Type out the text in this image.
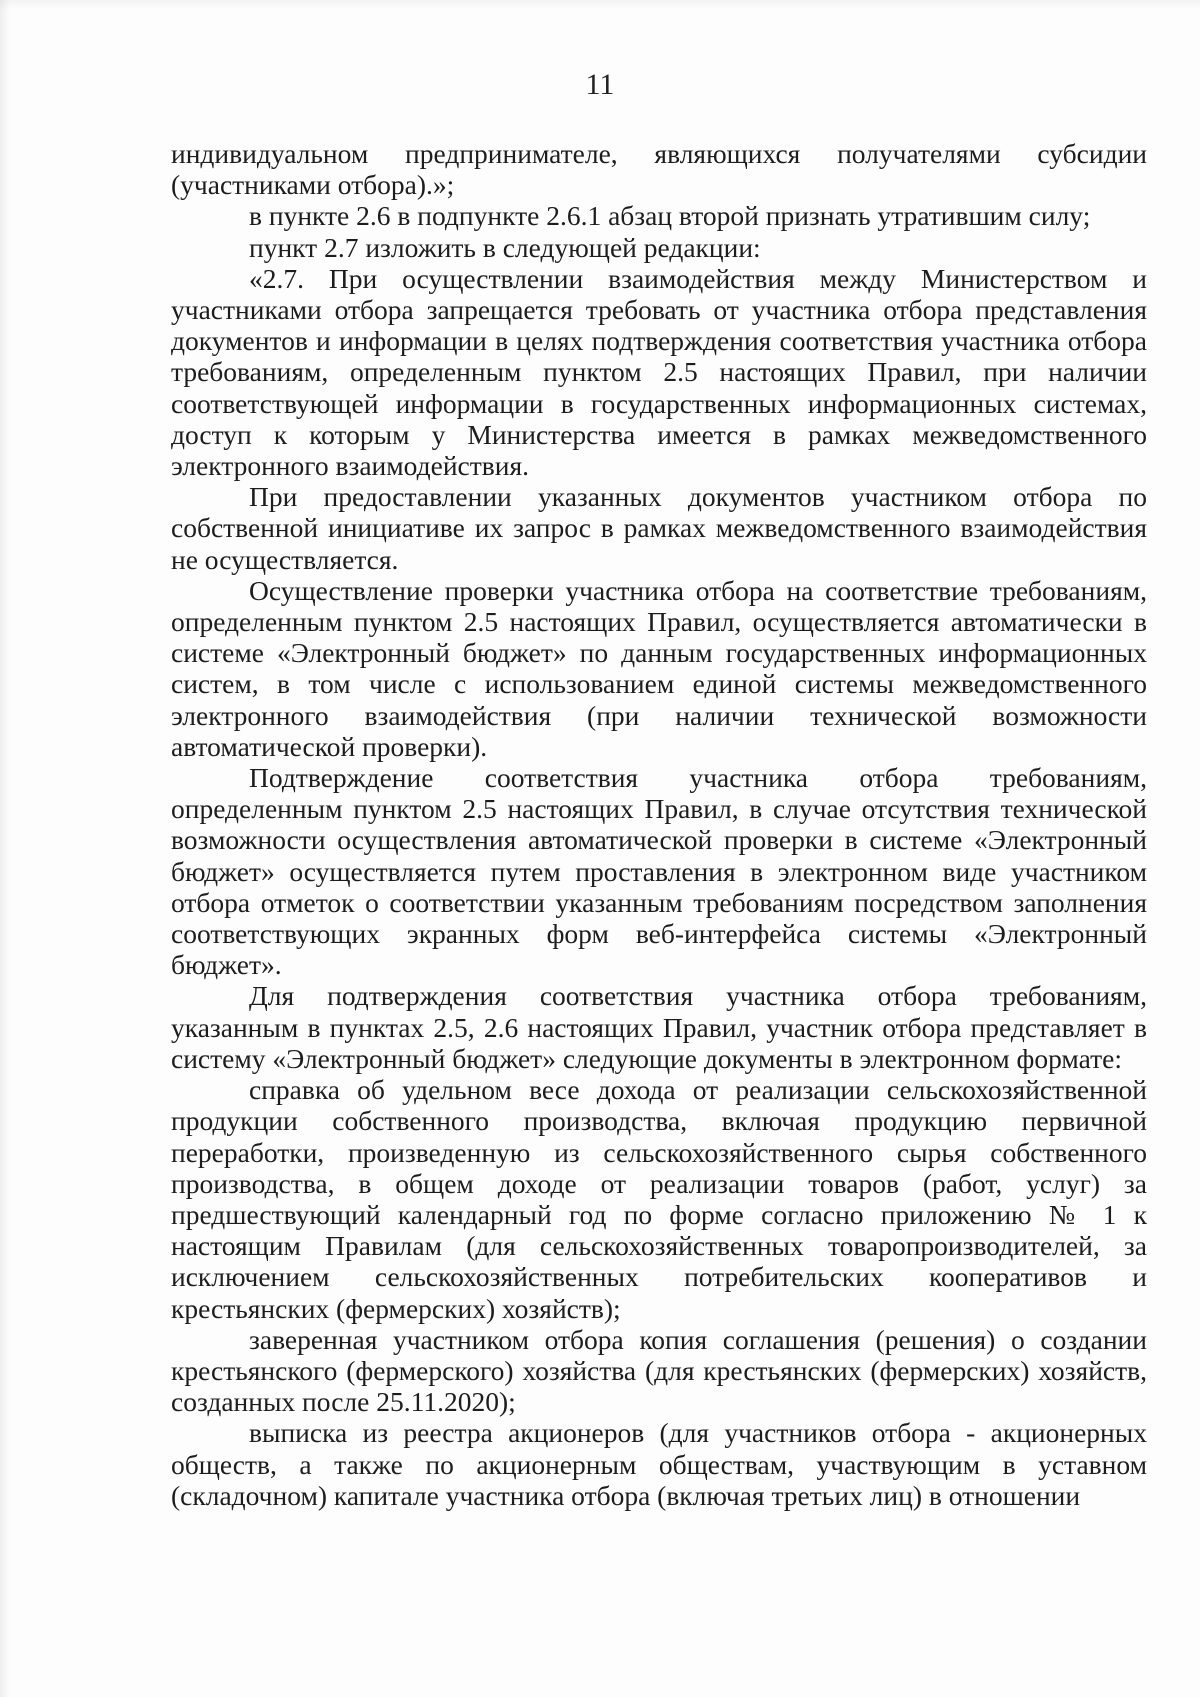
11

индивидуальном предпринимателе, являющихся получателями субсидии (участниками отбора).»;

в пункте 2.6 в подпункте 2.6.1 абзац второй признать утратившим силу;

пункт 2.7 изложить в следующей редакции:

«2.7. При осуществлении взаимодействия между Министерством и участниками отбора запрещается требовать от участника отбора представления документов и информации в целях подтверждения соответствия участника отбора требованиям, определенным пунктом 2.5 настоящих Правил, при наличии соответствующей информации в государственных информационных системах, доступ к которым у Министерства имеется в рамках межведомственного электронного взаимодействия.

При предоставлении указанных документов участником отбора по собственной инициативе их запрос в рамках межведомственного взаимодействия не осуществляется.

Осуществление проверки участника отбора на соответствие требованиям, определенным пунктом 2.5 настоящих Правил, осуществляется автоматически в системе «Электронный бюджет» по данным государственных информационных систем, в том числе с использованием единой системы межведомственного электронного взаимодействия (при наличии технической возможности автоматической проверки).

Подтверждение соответствия участника отбора требованиям, определенным пунктом 2.5 настоящих Правил, в случае отсутствия технической возможности осуществления автоматической проверки в системе «Электронный бюджет» осуществляется путем проставления в электронном виде участником отбора отметок о соответствии указанным требованиям посредством заполнения соответствующих экранных форм веб-интерфейса системы «Электронный бюджет».

Для подтверждения соответствия участника отбора требованиям, указанным в пунктах 2.5, 2.6 настоящих Правил, участник отбора представляет в систему «Электронный бюджет» следующие документы в электронном формате:

справка об удельном весе дохода от реализации сельскохозяйственной продукции собственного производства, включая продукцию первичной переработки, произведенную из сельскохозяйственного сырья собственного производства, в общем доходе от реализации товаров (работ, услуг) за предшествующий календарный год по форме согласно приложению № 1 к настоящим Правилам (для сельскохозяйственных товаропроизводителей, за исключением сельскохозяйственных потребительских кооперативов и крестьянских (фермерских) хозяйств);

заверенная участником отбора копия соглашения (решения) о создании крестьянского (фермерского) хозяйства (для крестьянских (фермерских) хозяйств, созданных после 25.11.2020);

выписка из реестра акционеров (для участников отбора - акционерных обществ, а также по акционерным обществам, участвующим в уставном (складочном) капитале участника отбора (включая третьих лиц) в отношении
